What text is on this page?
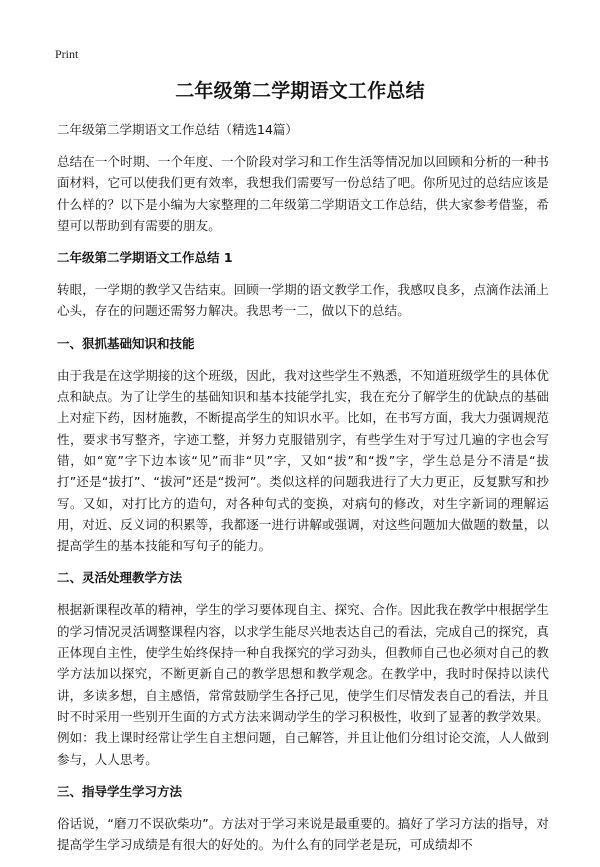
Print
二年级第二学期语文工作总结
二年级第二学期语文工作总结（精选14篇）

总结在一个时期、一个年度、一个阶段对学习和工作生活等情况加以回顾和分析的一种书面材料，它可以使我们更有效率，我想我们需要写一份总结了吧。你所见过的总结应该是什么样的？以下是小编为大家整理的二年级第二学期语文工作总结，供大家参考借鉴，希望可以帮助到有需要的朋友。

二年级第二学期语文工作总结 1

转眼，一学期的教学又告结束。回顾一学期的语文教学工作，我感叹良多，点滴作法涌上心头，存在的问题还需努力解决。我思考一二，做以下的总结。

一、狠抓基础知识和技能

由于我是在这学期接的这个班级，因此，我对这些学生不熟悉，不知道班级学生的具体优点和缺点。为了让学生的基础知识和基本技能学扎实，我在充分了解学生的优缺点的基础上对症下药，因材施教，不断提高学生的知识水平。比如，在书写方面，我大力强调规范性，要求书写整齐，字迹工整，并努力克服错别字，有些学生对于写过几遍的字也会写错，如“宽”字下边本该“见”而非“贝”字，又如“拔”和“拨”字，学生总是分不清是“拔打”还是“拔打”、“拔河”还是“拨河”。类似这样的问题我进行了大力更正，反复默写和抄写。又如，对打比方的造句，对各种句式的变换，对病句的修改，对生字新词的理解运用，对近、反义词的积累等，我都逐一进行讲解或强调，对这些问题加大做题的数量，以提高学生的基本技能和写句子的能力。

二、灵活处理教学方法

根据新课程改革的精神，学生的学习要体现自主、探究、合作。因此我在教学中根据学生的学习情况灵活调整课程内容，以求学生能尽兴地表达自己的看法，完成自己的探究，真正体现自主性，使学生始终保持一种自我探究的学习劲头，但教师自己也必须对自己的教学方法加以探究，不断更新自己的教学思想和教学观念。在教学中，我时时保持以读代讲，多读多想，自主感悟，常常鼓励学生各抒己见，使学生们尽情发表自己的看法，并且时不时采用一些别开生面的方式方法来调动学生的学习积极性，收到了显著的教学效果。例如：我上课时经常让学生自主想问题，自己解答，并且让他们分组讨论交流，人人做到参与，人人思考。

三、指导学生学习方法

俗话说，“磨刀不误砍柴功”。方法对于学习来说是最重要的。搞好了学习方法的指导，对提高学生学习成绩是有很大的好处的。为什么有的同学老是玩，可成绩却不
